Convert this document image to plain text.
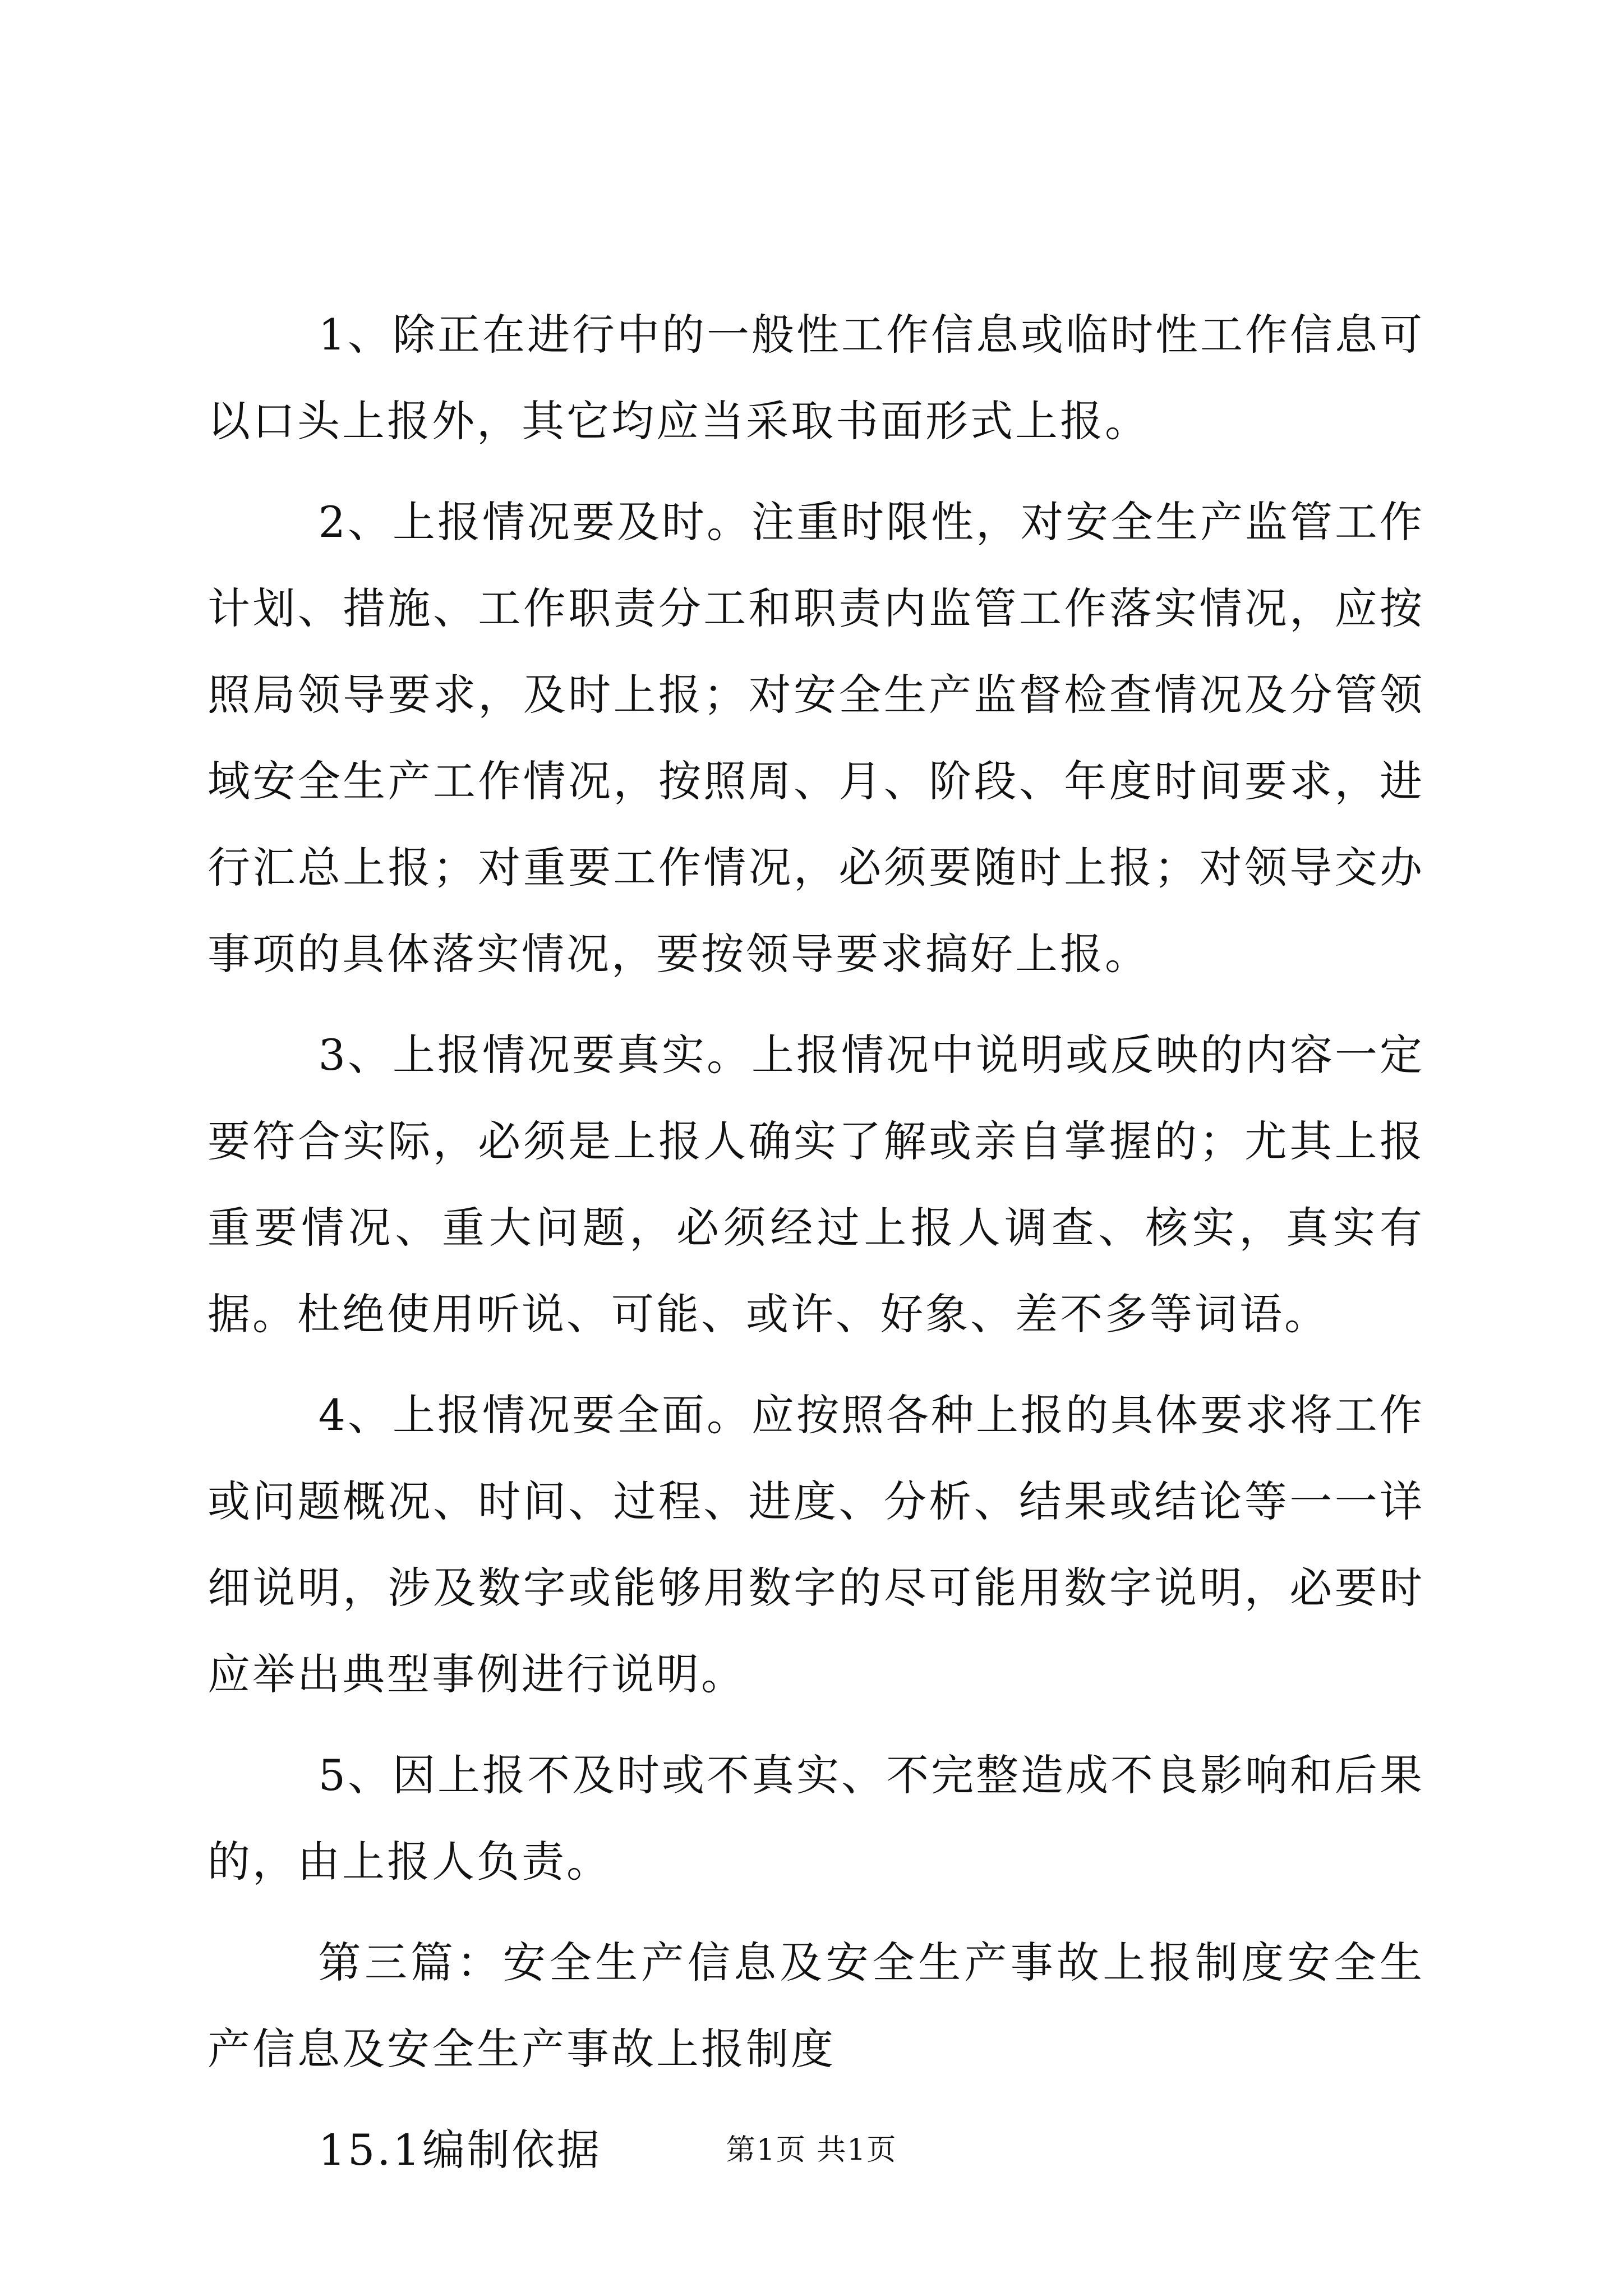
1、除正在进行中的一般性工作信息或临时性工作信息可以口头上报外，其它均应当采取书面形式上报。

2、上报情况要及时。注重时限性，对安全生产监管工作计划、措施、工作职责分工和职责内监管工作落实情况，应按照局领导要求，及时上报；对安全生产监督检查情况及分管领域安全生产工作情况，按照周、月、阶段、年度时间要求，进行汇总上报；对重要工作情况，必须要随时上报；对领导交办事项的具体落实情况，要按领导要求搞好上报。

3、上报情况要真实。上报情况中说明或反映的内容一定要符合实际，必须是上报人确实了解或亲自掌握的；尤其上报重要情况、重大问题，必须经过上报人调查、核实，真实有据。杜绝使用听说、可能、或许、好象、差不多等词语。

4、上报情况要全面。应按照各种上报的具体要求将工作或问题概况、时间、过程、进度、分析、结果或结论等一一详细说明，涉及数字或能够用数字的尽可能用数字说明，必要时应举出典型事例进行说明。

5、因上报不及时或不真实、不完整造成不良影响和后果的，由上报人负责。

第三篇：安全生产信息及安全生产事故上报制度安全生产信息及安全生产事故上报制度

15.1编制依据	第1页 共1页
